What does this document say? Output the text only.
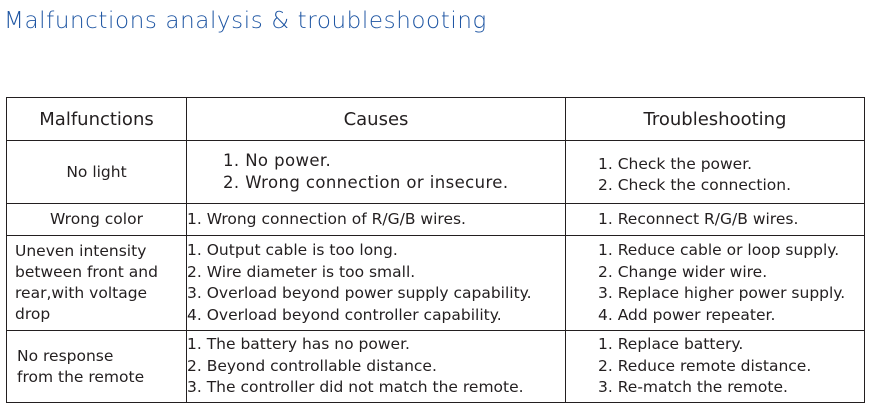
Malfunctions analysis & troubleshooting
Malfunctions	Causes	Troubleshooting

No light	1. No power.
2. Wrong connection or insecure.	1. Check the power.
2. Check the connection.

Wrong color	1. Wrong connection of R/G/B wires.	1. Reconnect R/G/B wires.

Uneven intensity
between front and
rear,with voltage drop	1. Output cable is too long.
2. Wire diameter is too small.
3. Overload beyond power supply capability.
4. Overload beyond controller capability.	1. Reduce cable or loop supply.
2. Change wider wire.
3. Replace higher power supply.
4. Add power repeater.

No response
from the remote	1. The battery has no power.
2. Beyond controllable distance.
3. The controller did not match the remote.	1. Replace battery.
2. Reduce remote distance.
3. Re-match the remote.
